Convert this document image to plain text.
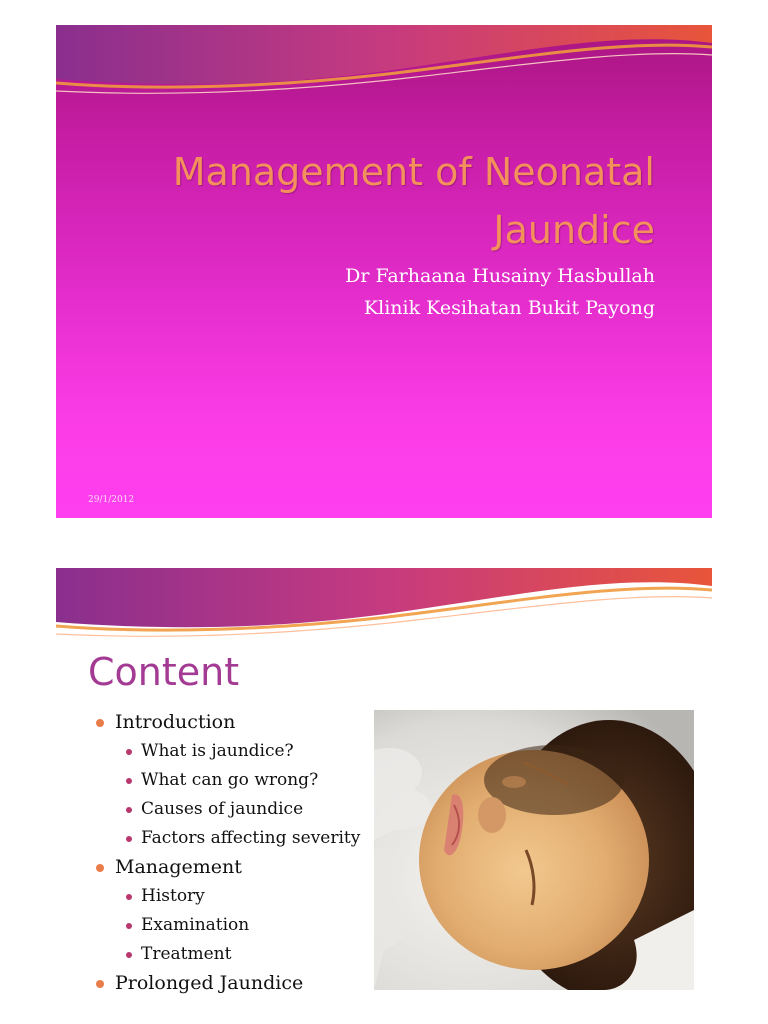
Management of Neonatal
Jaundice
Dr Farhaana Husainy Hasbullah
Klinik Kesihatan Bukit Payong
29/1/2012
Content
Introduction
What is jaundice?
What can go wrong?
Causes of jaundice
Factors affecting severity
Management
History
Examination
Treatment
Prolonged Jaundice
